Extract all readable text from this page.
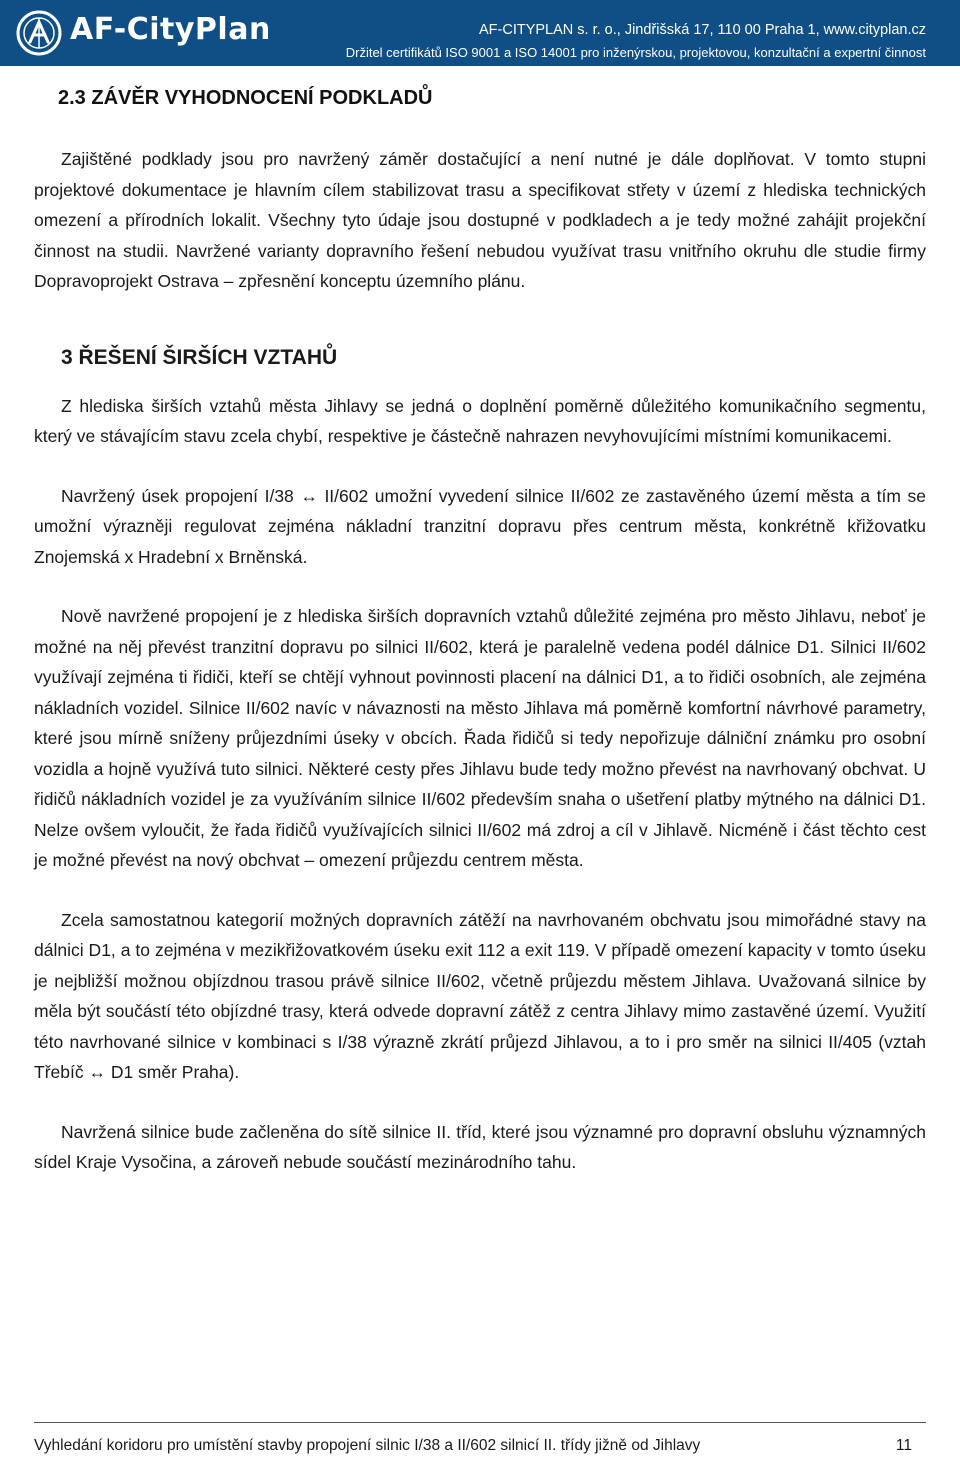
AF-CityPlan	AF-CITYPLAN s. r. o., Jindřišská 17, 110 00 Praha 1, www.cityplan.cz
Držitel certifikátů ISO 9001 a ISO 14001 pro inženýrskou, projektovou, konzultační a expertní činnost
2.3 ZÁVĚR VYHODNOCENÍ PODKLADŮ

Zajištěné podklady jsou pro navržený záměr dostačující a není nutné je dále doplňovat. V tomto stupni projektové dokumentace je hlavním cílem stabilizovat trasu a specifikovat střety v území z hlediska technických omezení a přírodních lokalit. Všechny tyto údaje jsou dostupné v podkladech a je tedy možné zahájit projekční činnost na studii. Navržené varianty dopravního řešení nebudou využívat trasu vnitřního okruhu dle studie firmy Dopravoprojekt Ostrava – zpřesnění konceptu územního plánu.

3 ŘEŠENÍ ŠIRŠÍCH VZTAHŮ

Z hlediska širších vztahů města Jihlavy se jedná o doplnění poměrně důležitého komunikačního segmentu, který ve stávajícím stavu zcela chybí, respektive je částečně nahrazen nevyhovujícími místními komunikacemi.

Navržený úsek propojení I/38 ↔ II/602 umožní vyvedení silnice II/602 ze zastavěného území města a tím se umožní výrazněji regulovat zejména nákladní tranzitní dopravu přes centrum města, konkrétně křižovatku Znojemská x Hradební x Brněnská.

Nově navržené propojení je z hlediska širších dopravních vztahů důležité zejména pro město Jihlavu, neboť je možné na něj převést tranzitní dopravu po silnici II/602, která je paralelně vedena podél dálnice D1. Silnici II/602 využívají zejména ti řidiči, kteří se chtějí vyhnout povinnosti placení na dálnici D1, a to řidiči osobních, ale zejména nákladních vozidel. Silnice II/602 navíc v návaznosti na město Jihlava má poměrně komfortní návrhové parametry, které jsou mírně sníženy průjezdními úseky v obcích. Řada řidičů si tedy nepořizuje dálniční známku pro osobní vozidla a hojně využívá tuto silnici. Některé cesty přes Jihlavu bude tedy možno převést na navrhovaný obchvat. U řidičů nákladních vozidel je za využíváním silnice II/602 především snaha o ušetření platby mýtného na dálnici D1. Nelze ovšem vyloučit, že řada řidičů využívajících silnici II/602 má zdroj a cíl v Jihlavě. Nicméně i část těchto cest je možné převést na nový obchvat – omezení průjezdu centrem města.

Zcela samostatnou kategorií možných dopravních zátěží na navrhovaném obchvatu jsou mimořádné stavy na dálnici D1, a to zejména v mezikřižovatkovém úseku exit 112 a exit 119. V případě omezení kapacity v tomto úseku je nejbližší možnou objízdnou trasou právě silnice II/602, včetně průjezdu městem Jihlava. Uvažovaná silnice by měla být součástí této objízdné trasy, která odvede dopravní zátěž z centra Jihlavy mimo zastavěné území. Využití této navrhované silnice v kombinaci s I/38 výrazně zkrátí průjezd Jihlavou, a to i pro směr na silnici II/405 (vztah Třebíč ↔ D1 směr Praha).

Navržená silnice bude začleněna do sítě silnice II. tříd, které jsou významné pro dopravní obsluhu významných sídel Kraje Vysočina, a zároveň nebude součástí mezinárodního tahu.

Vyhledání koridoru pro umístění stavby propojení silnic I/38 a II/602 silnicí II. třídy jižně od Jihlavy	11
